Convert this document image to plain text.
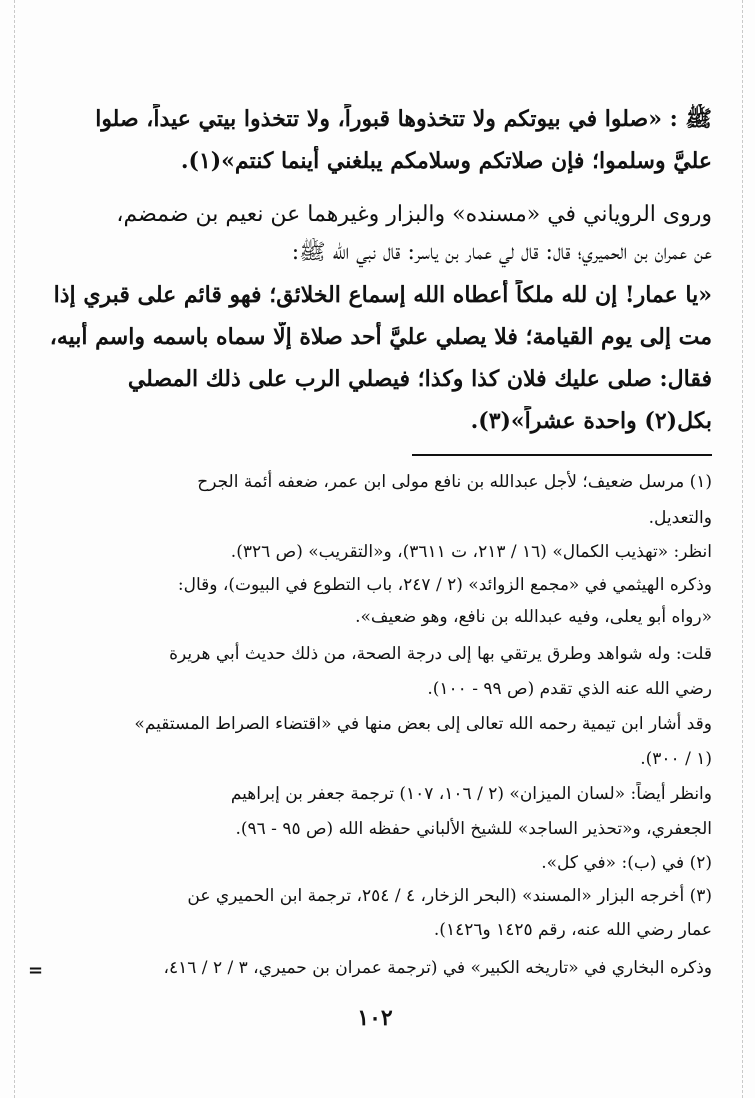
ﷺ : «صلوا في بيوتكم ولا تتخذوها قبوراً، ولا تتخذوا بيتي عيداً، صلوا
عليَّ وسلموا؛ فإن صلاتكم وسلامكم يبلغني أينما كنتم»(١).
وروى الروياني في «مسنده» والبزار وغيرهما عن نعيم بن ضمضم،
عن عمران بن الحميري؛ قال: قال لي عمار بن ياسر: قال نبي الله ﷺ:
«يا عمار! إن لله ملكاً أعطاه الله إسماع الخلائق؛ فهو قائم على قبري إذا
مت إلى يوم القيامة؛ فلا يصلي عليَّ أحد صلاة إلّا سماه باسمه واسم أبيه،
فقال: صلى عليك فلان كذا وكذا؛ فيصلي الرب على ذلك المصلي
بكل(٢) واحدة عشراً»(٣).
(١) مرسل ضعيف؛ لأجل عبدالله بن نافع مولى ابن عمر، ضعفه أئمة الجرح
والتعديل.
انظر: «تهذيب الكمال» (١٦ / ٢١٣، ت ٣٦١١)، و«التقريب» (ص ٣٢٦).
وذكره الهيثمي في «مجمع الزوائد» (٢ / ٢٤٧، باب التطوع في البيوت)، وقال:
«رواه أبو يعلى، وفيه عبدالله بن نافع، وهو ضعيف».
قلت: وله شواهد وطرق يرتقي بها إلى درجة الصحة، من ذلك حديث أبي هريرة
رضي الله عنه الذي تقدم (ص ٩٩ - ١٠٠).
وقد أشار ابن تيمية رحمه الله تعالى إلى بعض منها في «اقتضاء الصراط المستقيم»
(١ / ٣٠٠).
وانظر أيضاً: «لسان الميزان» (٢ / ١٠٦، ١٠٧) ترجمة جعفر بن إبراهيم
الجعفري، و«تحذير الساجد» للشيخ الألباني حفظه الله (ص ٩٥ - ٩٦).
(٢) في (ب): «في كل».
(٣) أخرجه البزار «المسند» (البحر الزخار، ٤ / ٢٥٤، ترجمة ابن الحميري عن
عمار رضي الله عنه، رقم ١٤٢٥ و١٤٢٦).
وذكره البخاري في «تاريخه الكبير» في (ترجمة عمران بن حميري، ٣ / ٢ / ٤١٦،
=
١٠٢
